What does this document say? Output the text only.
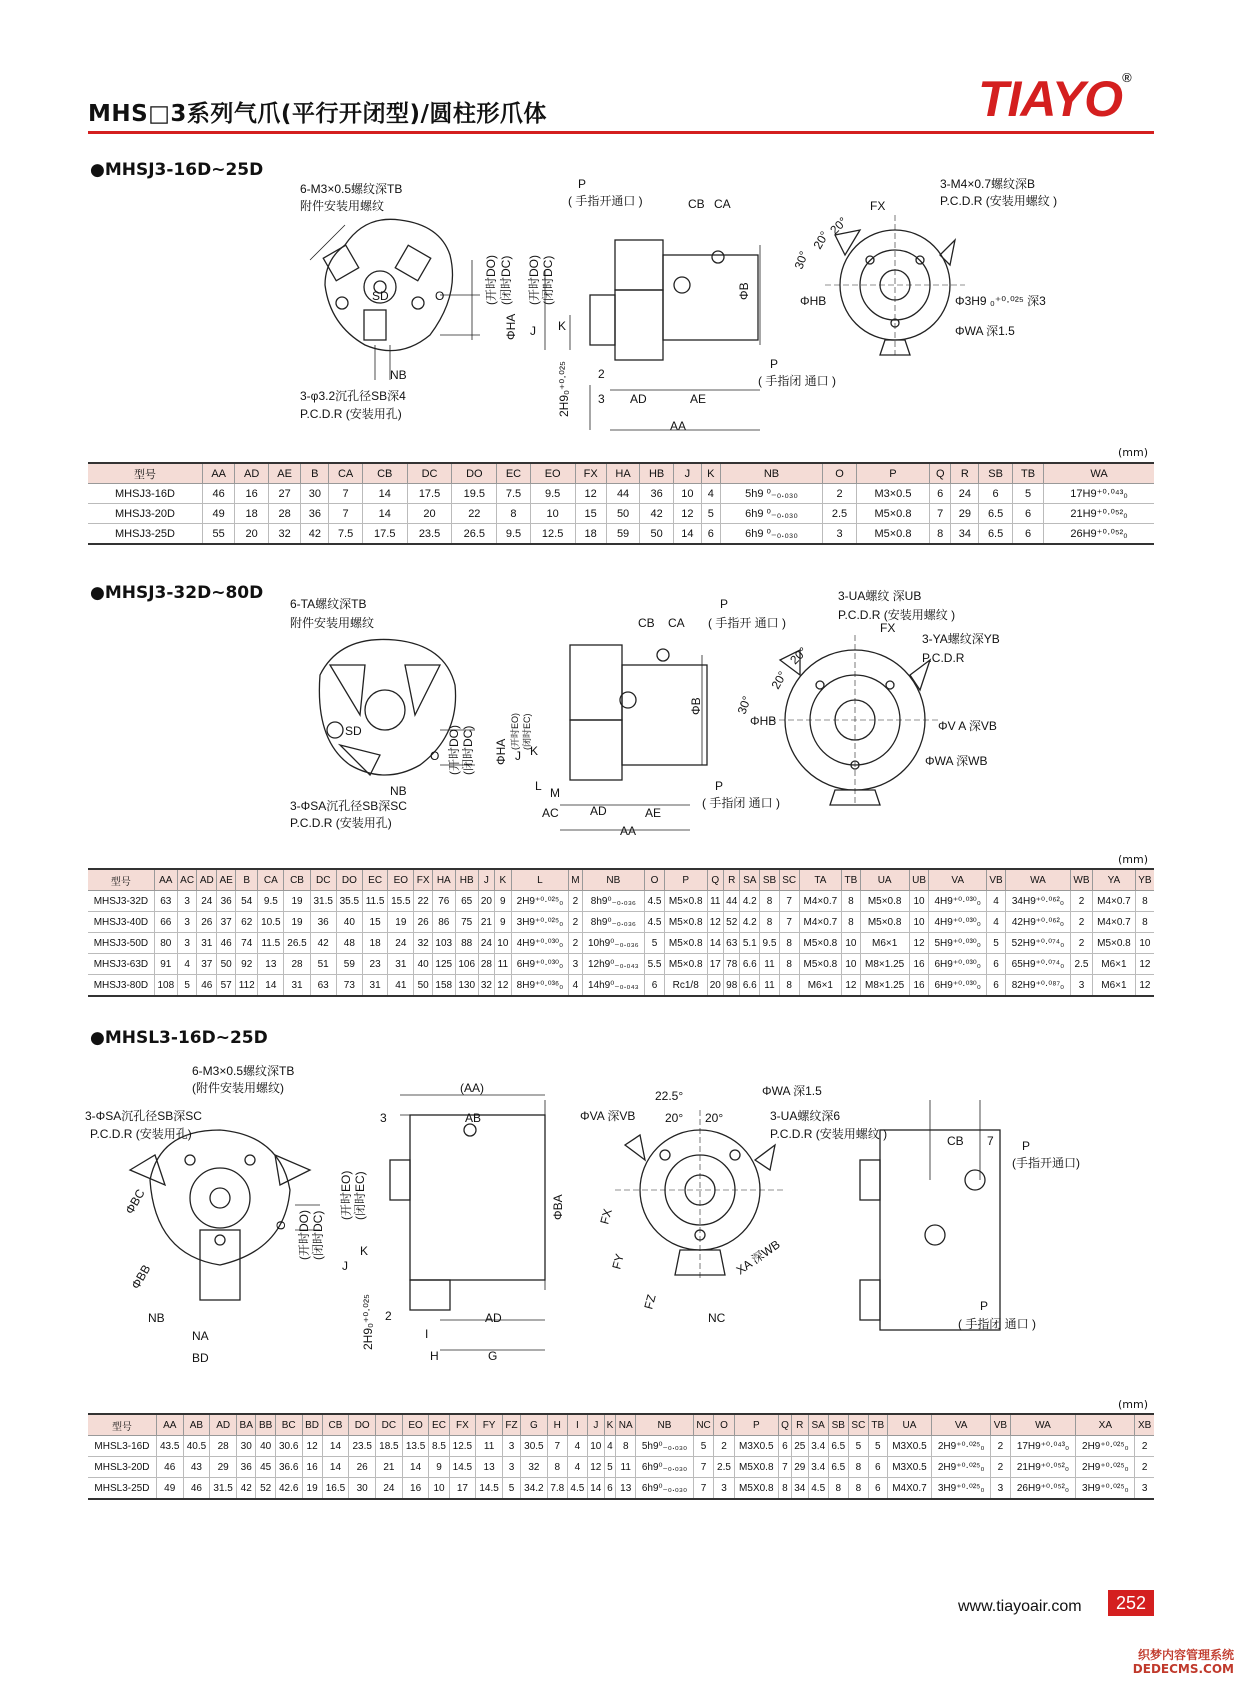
MHS□3系列气爪(平行开闭型)/圆柱形爪体	TIAYO®
●MHSJ3-16D~25D
6-M3×0.5螺纹深TB
附件安装用螺纹
SD	O
NB
3-φ3.2沉孔径SB深4
P.C.D.R (安装用孔)
(开时DO) (闭时DC)
P
( 手指开通口 )	CB CA
(开时DO) (闭时DC)	ΦB
ΦHA J K
2
3 AD	AE
AA
2H9₀⁺⁰·⁰²⁵	P
( 手指闭 通口 )
3-M4×0.7螺纹深B
P.C.D.R (安装用螺纹 )
FX
30°
20°
20°
ΦHB	Φ3H9 ₀⁺⁰·⁰²⁵ 深3
ΦWA 深1.5
(mm)
型号	AA	AD	AE	B	CA	CB	DC	DO	EC	EO	FX	HA	HB	J	K	NB	O	P	Q	R	SB	TB	WA
MHSJ3-16D	46	16	27	30	7	14	17.5	19.5	7.5	9.5	12	44	36	10	4	5h9 ⁰₋₀.₀₃₀	2	M3×0.5	6	24	6	5	17H9⁺⁰·⁰⁴³₀
MHSJ3-20D	49	18	28	36	7	14	20	22	8	10	15	50	42	12	5	6h9 ⁰₋₀.₀₃₀	2.5	M5×0.8	7	29	6.5	6	21H9⁺⁰·⁰⁵²₀
MHSJ3-25D	55	20	32	42	7.5	17.5	23.5	26.5	9.5	12.5	18	59	50	14	6	6h9 ⁰₋₀.₀₃₀	3	M5×0.8	8	34	6.5	6	26H9⁺⁰·⁰⁵²₀
●MHSJ3-32D~80D
6-TA螺纹深TB
附件安装用螺纹
SD
O
NB
3-ΦSA沉孔径SB深SC
P.C.D.R (安装用孔)
(开时DO) (闭时DC)
P
( 手指开 通口 )
CB CA
ΦB
ΦHA
(开时EO) (闭时EC)
J K
L M
AC	AD	AE
AA
P
( 手指闭 通口 )
3-UA螺纹 深UB
P.C.D.R (安装用螺纹 )
FX
3-YA螺纹深YB
P.C.D.R
30°
20°
20°
ΦHB	ΦV A 深VB
ΦWA 深WB
(mm)
型号	AA	AC	AD	AE	B	CA	CB	DC	DO	EC	EO	FX	HA	HB	J	K	L	M	NB	O	P	Q	R	SA	SB	SC	TA	TB	UA	UB	VA	VB	WA	WB	YA	YB
MHSJ3-32D	63	3	24	36	54	9.5	19	31.5	35.5	11.5	15.5	22	76	65	20	9	2H9⁺⁰·⁰²⁵₀	2	8h9⁰₋₀.₀₃₆	4.5	M5×0.8	11	44	4.2	8	7	M4×0.7	8	M5×0.8	10	4H9⁺⁰·⁰³⁰₀	4	34H9⁺⁰·⁰⁶²₀	2	M4×0.7	8
MHSJ3-40D	66	3	26	37	62	10.5	19	36	40	15	19	26	86	75	21	9	3H9⁺⁰·⁰²⁵₀	2	8h9⁰₋₀.₀₃₆	4.5	M5×0.8	12	52	4.2	8	7	M4×0.7	8	M5×0.8	10	4H9⁺⁰·⁰³⁰₀	4	42H9⁺⁰·⁰⁶²₀	2	M4×0.7	8
MHSJ3-50D	80	3	31	46	74	11.5	26.5	42	48	18	24	32	103	88	24	10	4H9⁺⁰·⁰³⁰₀	2	10h9⁰₋₀.₀₃₆	5	M5×0.8	14	63	5.1	9.5	8	M5×0.8	10	M6×1	12	5H9⁺⁰·⁰³⁰₀	5	52H9⁺⁰·⁰⁷⁴₀	2	M5×0.8	10
MHSJ3-63D	91	4	37	50	92	13	28	51	59	23	31	40	125	106	28	11	6H9⁺⁰·⁰³⁰₀	3	12h9⁰₋₀.₀₄₃	5.5	M5×0.8	17	78	6.6	11	8	M5×0.8	10	M8×1.25	16	6H9⁺⁰·⁰³⁰₀	6	65H9⁺⁰·⁰⁷⁴₀	2.5	M6×1	12
MHSJ3-80D	108	5	46	57	112	14	31	63	73	31	41	50	158	130	32	12	8H9⁺⁰·⁰³⁶₀	4	14h9⁰₋₀.₀₄₃	6	Rc1/8	20	98	6.6	11	8	M6×1	12	M8×1.25	16	6H9⁺⁰·⁰³⁰₀	6	82H9⁺⁰·⁰⁸⁷₀	3	M6×1	12
●MHSL3-16D~25D
6-M3×0.5螺纹深TB
(附件安装用螺纹)
3-ΦSA沉孔径SB深SC
P.C.D.R (安装用孔)
ΦBC
ΦBB
NB
NA
BD
O (开时DO) (闭时DC)
(AA)
AB
3
(开时EO) (闭时EC)	ΦBA
J
K
2	AD
I
H	G
2H9₀⁺⁰·⁰²⁵
ΦWA 深1.5
22.5°
20° 20°
ΦVA 深VB	3-UA螺纹深6
P.C.D.R (安装用螺纹 )
FX
FY
FZ
XA 深WB
NC
CB 7 P
(手指开通口)
P
( 手指闭 通口 )
(mm)
型号	AA	AB	AD	BA	BB	BC	BD	CB	DO	DC	EO	EC	FX	FY	FZ	G	H	I	J	K	NA	NB	NC	O	P	Q	R	SA	SB	SC	TB	UA	VA	VB	WA	XA	XB
MHSL3-16D	43.5	40.5	28	30	40	30.6	12	14	23.5	18.5	13.5	8.5	12.5	11	3	30.5	7	4	10	4	8	5h9⁰₋₀.₀₃₀	5	2	M3X0.5	6	25	3.4	6.5	5	5	M3X0.5	2H9⁺⁰·⁰²⁵₀	2	17H9⁺⁰·⁰⁴³₀	2H9⁺⁰·⁰²⁵₀	2
MHSL3-20D	46	43	29	36	45	36.6	16	14	26	21	14	9	14.5	13	3	32	8	4	12	5	11	6h9⁰₋₀.₀₃₀	7	2.5	M5X0.8	7	29	3.4	6.5	8	6	M3X0.5	2H9⁺⁰·⁰²⁵₀	2	21H9⁺⁰·⁰⁵²₀	2H9⁺⁰·⁰²⁵₀	2
MHSL3-25D	49	46	31.5	42	52	42.6	19	16.5	30	24	16	10	17	14.5	5	34.2	7.8	4.5	14	6	13	6h9⁰₋₀.₀₃₀	7	3	M5X0.8	8	34	4.5	8	8	6	M4X0.7	3H9⁺⁰·⁰²⁵₀	3	26H9⁺⁰·⁰⁵²₀	3H9⁺⁰·⁰²⁵₀	3
www.tiayoair.com	252
织梦内容管理系统
DEDECMS.COM
